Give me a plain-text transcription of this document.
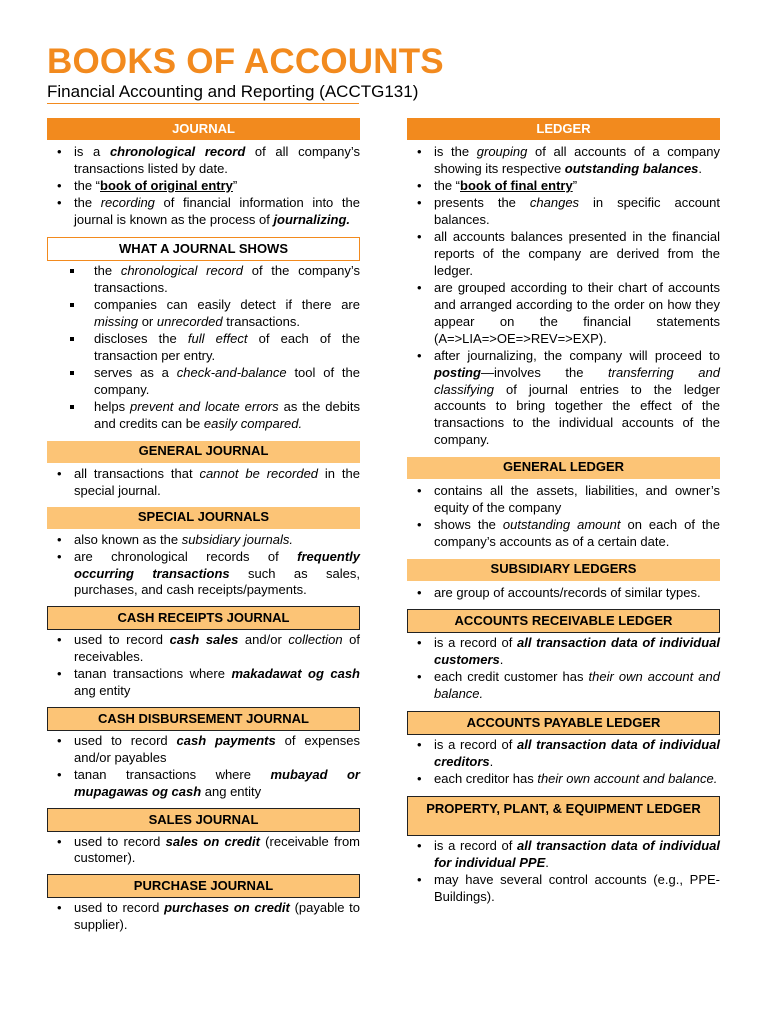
BOOKS OF ACCOUNTS
Financial Accounting and Reporting (ACCTG131)
JOURNAL
• is a chronological record of all company’s transactions listed by date.
• the “book of original entry”
• the recording of financial information into the journal is known as the process of journalizing.
WHAT A JOURNAL SHOWS
the chronological record of the company’s transactions.
companies can easily detect if there are missing or unrecorded transactions.
discloses the full effect of each of the transaction per entry.
serves as a check-and-balance tool of the company.
helps prevent and locate errors as the debits and credits can be easily compared.
GENERAL JOURNAL
• all transactions that cannot be recorded in the special journal.
SPECIAL JOURNALS
• also known as the subsidiary journals.
• are chronological records of frequently occurring transactions such as sales, purchases, and cash receipts/payments.
CASH RECEIPTS JOURNAL
• used to record cash sales and/or collection of receivables.
• tanan transactions where makadawat og cash ang entity
CASH DISBURSEMENT JOURNAL
• used to record cash payments of expenses and/or payables
• tanan transactions where mubayad or mupagawas og cash ang entity
SALES JOURNAL
• used to record sales on credit (receivable from customer).
PURCHASE JOURNAL
• used to record purchases on credit (payable to supplier).
LEDGER
• is the grouping of all accounts of a company showing its respective outstanding balances.
• the “book of final entry”
• presents the changes in specific account balances.
• all accounts balances presented in the financial reports of the company are derived from the ledger.
• are grouped according to their chart of accounts and arranged according to the order on how they appear on the financial statements (A=>LIA=>OE=>REV=>EXP).
• after journalizing, the company will proceed to posting—involves the transferring and classifying of journal entries to the ledger accounts to bring together the effect of the transactions to the individual accounts of the company.
GENERAL LEDGER
• contains all the assets, liabilities, and owner’s equity of the company
• shows the outstanding amount on each of the company’s accounts as of a certain date.
SUBSIDIARY LEDGERS
• are group of accounts/records of similar types.
ACCOUNTS RECEIVABLE LEDGER
• is a record of all transaction data of individual customers.
• each credit customer has their own account and balance.
ACCOUNTS PAYABLE LEDGER
• is a record of all transaction data of individual creditors.
• each creditor has their own account and balance.
PROPERTY, PLANT, & EQUIPMENT LEDGER
• is a record of all transaction data of individual for individual PPE.
• may have several control accounts (e.g., PPE-Buildings).
